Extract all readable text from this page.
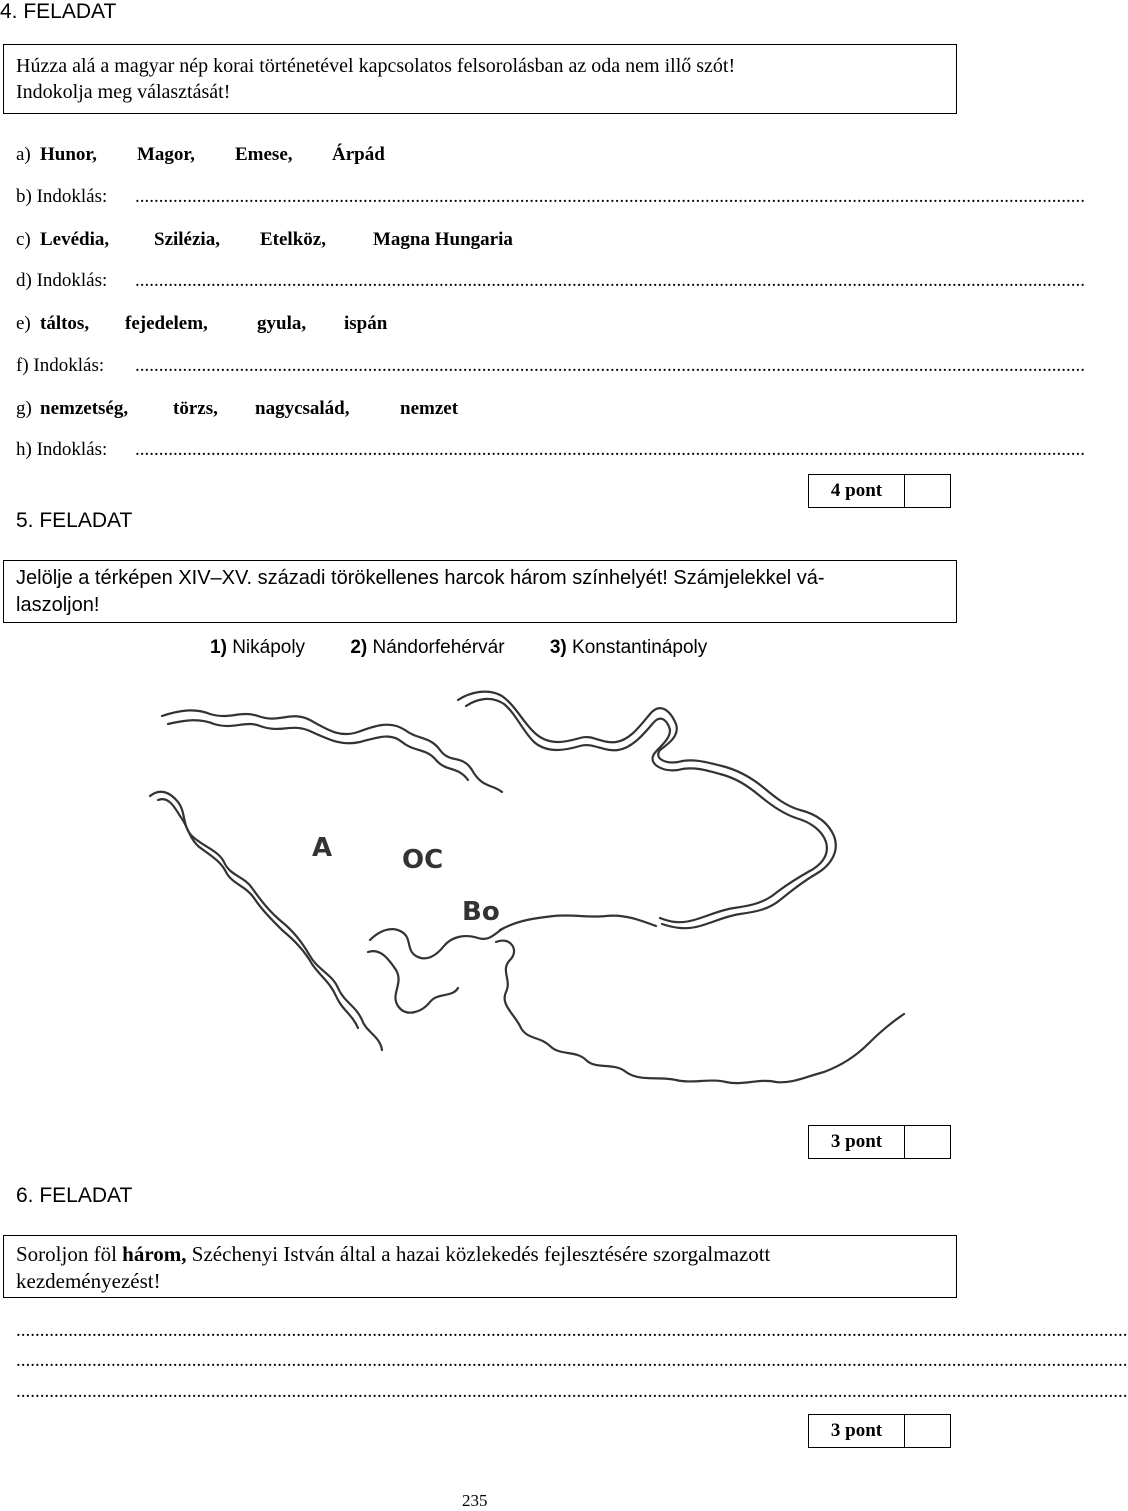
4. FELADAT
Húzza alá a magyar nép korai történetével kapcsolatos felsorolásban az oda nem illő szót!
Indokolja meg választását!
a) Hunor, Magor, Emese, Árpád
b) Indoklás: ........................................................................................................................................................................................................
c) Levédia, Szilézia, Etelköz, Magna Hungaria
d) Indoklás: ........................................................................................................................................................................................................
e) táltos, fejedelem,	gyula, ispán
f) Indoklás: ........................................................................................................................................................................................................
g) nemzetség, törzs, nagycsalád,	nemzet
h) Indoklás: ........................................................................................................................................................................................................
4 pont
5. FELADAT
Jelölje a térképen XIV–XV. századi törökellenes harcok három színhelyét! Számjelekkel vá-
laszoljon!
1) Nikápoly 2) Nándorfehérvár 3) Konstantinápoly
A	OC
Bo
3 pont
6. FELADAT
Soroljon föl három, Széchenyi István által a hazai közlekedés fejlesztésére szorgalmazott
kezdeményezést!
..........................................................................................................................................................................................................................................
..........................................................................................................................................................................................................................................
..........................................................................................................................................................................................................................................
3 pont
235
